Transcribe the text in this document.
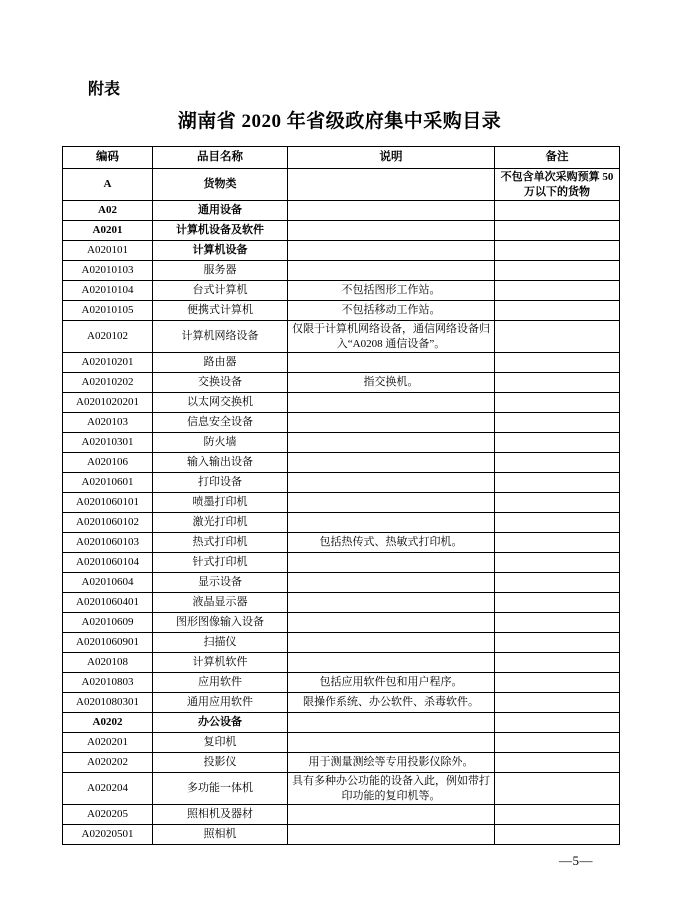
附表
湖南省 2020 年省级政府集中采购目录
编码	品目名称	说明	备注
A	货物类		不包含单次采购预算 50 万以下的货物
A02	通用设备		
A0201	计算机设备及软件		
A020101	计算机设备		
A02010103	服务器		
A02010104	台式计算机	不包括图形工作站。	
A02010105	便携式计算机	不包括移动工作站。	
A020102	计算机网络设备	仅限于计算机网络设备，通信网络设备归入“A0208 通信设备”。	
A02010201	路由器		
A02010202	交换设备	指交换机。	
A0201020201	以太网交换机		
A020103	信息安全设备		
A02010301	防火墙		
A020106	输入输出设备		
A02010601	打印设备		
A0201060101	喷墨打印机		
A0201060102	激光打印机		
A0201060103	热式打印机	包括热传式、热敏式打印机。	
A0201060104	针式打印机		
A02010604	显示设备		
A0201060401	液晶显示器		
A02010609	图形图像输入设备		
A0201060901	扫描仪		
A020108	计算机软件		
A02010803	应用软件	包括应用软件包和用户程序。	
A0201080301	通用应用软件	限操作系统、办公软件、杀毒软件。	
A0202	办公设备		
A020201	复印机		
A020202	投影仪	用于测量测绘等专用投影仪除外。	
A020204	多功能一体机	具有多种办公功能的设备入此，例如带打印功能的复印机等。	
A020205	照相机及器材		
A02020501	照相机		
—5—
